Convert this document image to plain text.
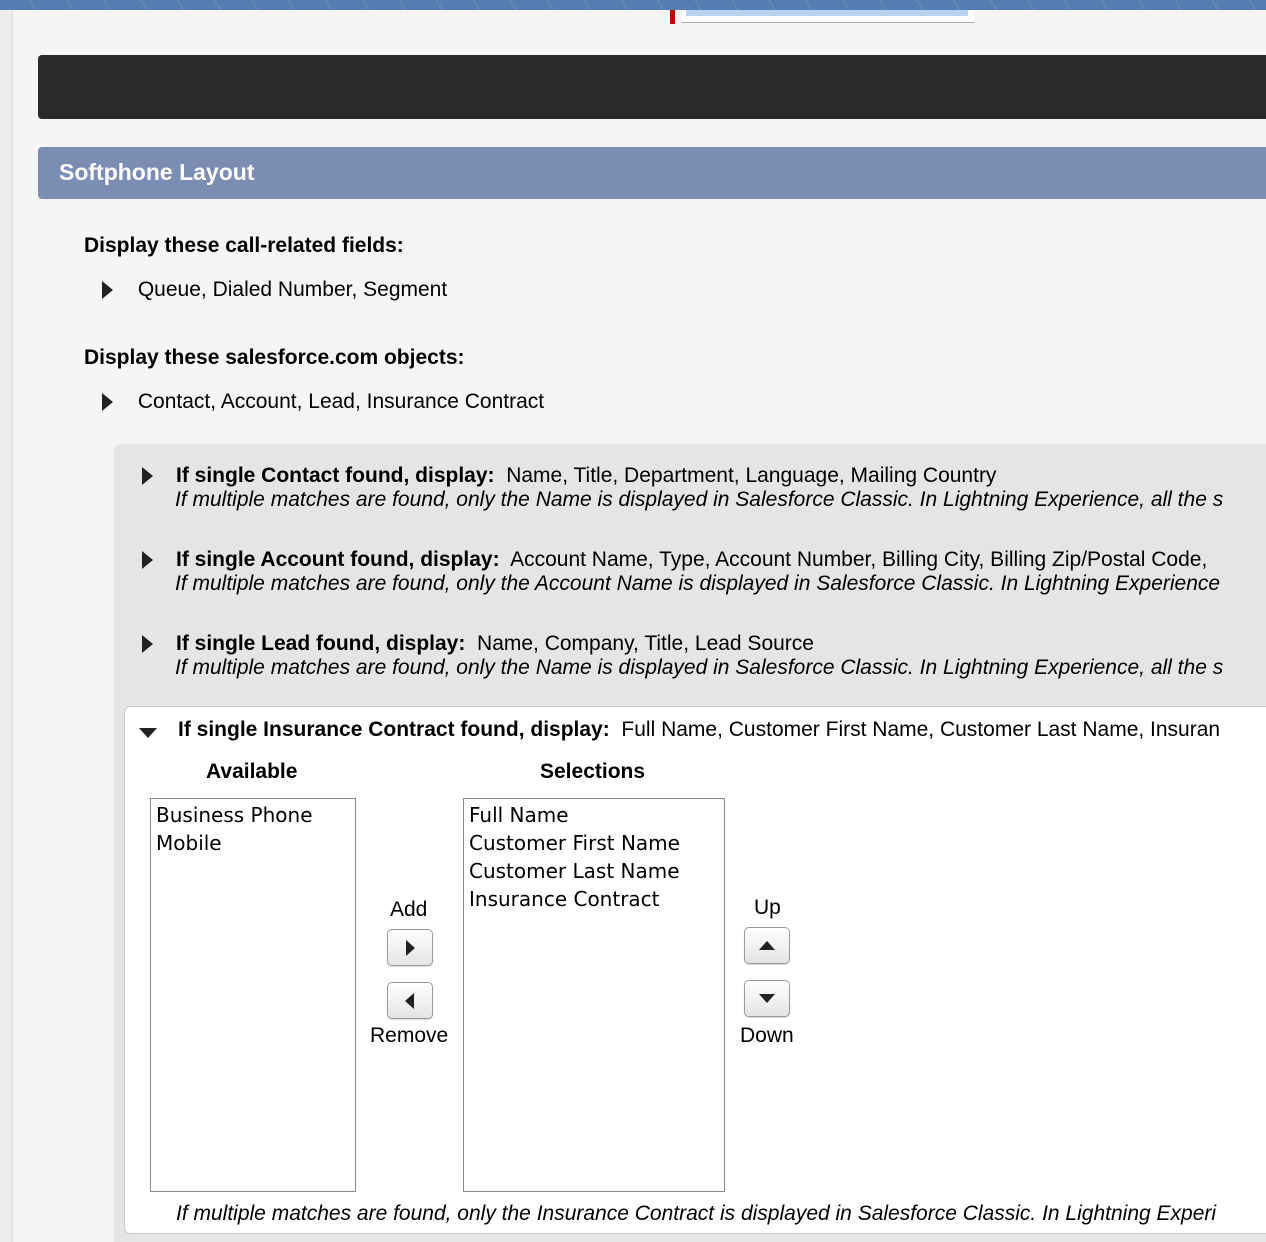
Softphone Layout
Display these call-related fields:
Queue, Dialed Number, Segment
Display these salesforce.com objects:
Contact, Account, Lead, Insurance Contract
If single Contact found, display: Name, Title, Department, Language, Mailing Country
If multiple matches are found, only the Name is displayed in Salesforce Classic. In Lightning Experience, all the s
If single Account found, display: Account Name, Type, Account Number, Billing City, Billing Zip/Postal Code,
If multiple matches are found, only the Account Name is displayed in Salesforce Classic. In Lightning Experience
If single Lead found, display: Name, Company, Title, Lead Source
If multiple matches are found, only the Name is displayed in Salesforce Classic. In Lightning Experience, all the s
If single Insurance Contract found, display: Full Name, Customer First Name, Customer Last Name, Insuran
Available	Selections
Business Phone
Mobile
Full Name
Customer First Name
Customer Last Name
Insurance Contract
Add
Remove
Up
Down
If multiple matches are found, only the Insurance Contract is displayed in Salesforce Classic. In Lightning Experi
